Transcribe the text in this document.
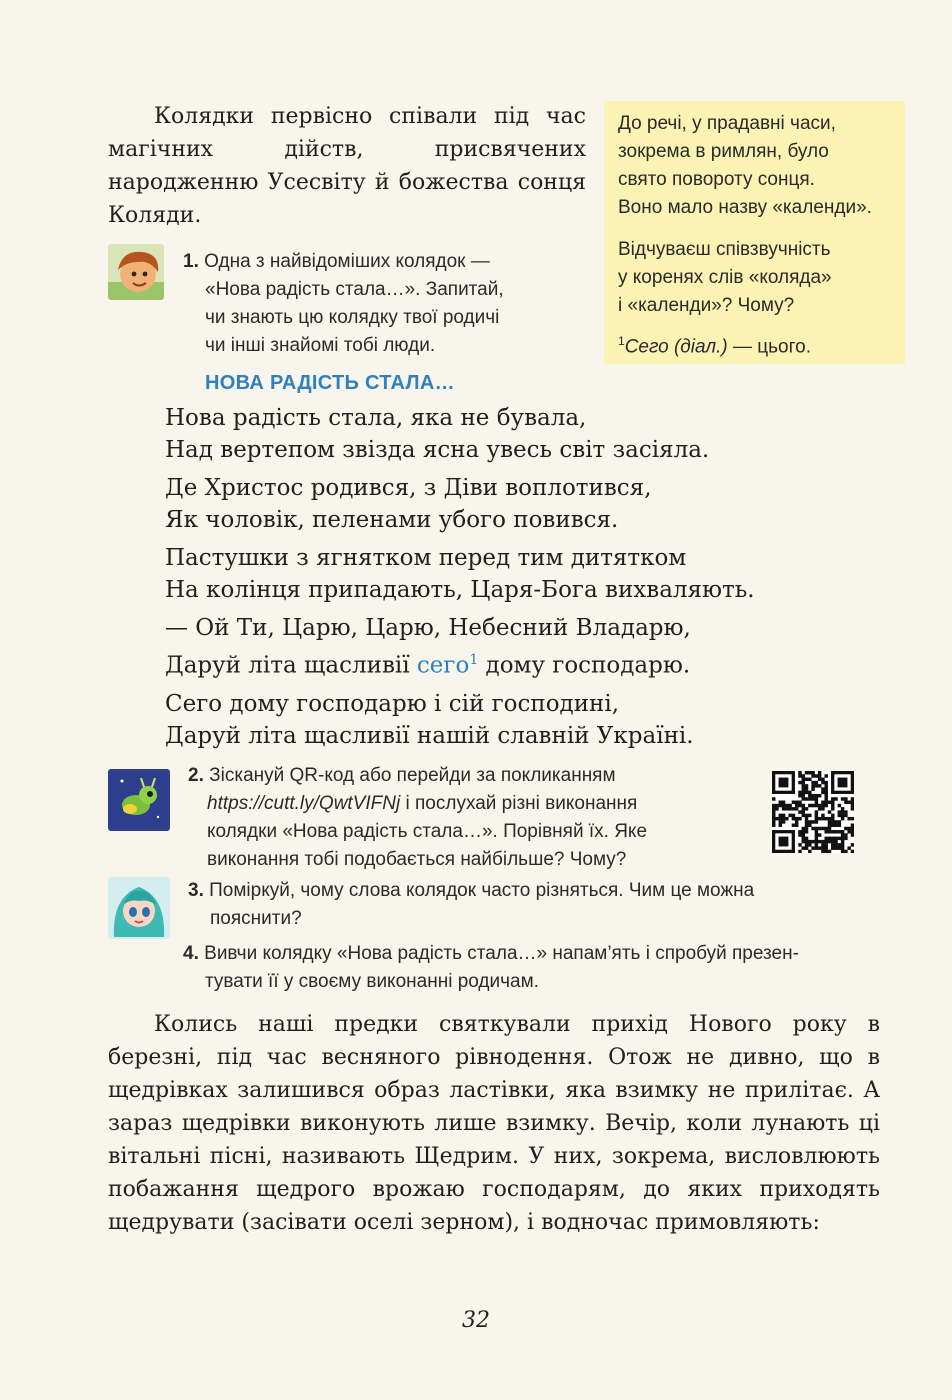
Колядки первісно співали під час магічних дійств, присвячених народженню Усесвіту й божества сонця Коляди.

До речі, у прадавні часи,
зокрема в римлян, було
свято повороту сонця.
Воно мало назву «календи».
Відчуваєш співзвучність
у коренях слів «коляда»
і «календи»? Чому?
$^1$Сего (діал.) — цього.
1. Одна з найвідоміших колядок —
«Нова радість стала…». Запитай,
чи знають цю колядку твої родичі
чи інші знайомі тобі люди.
НОВА РАДІСТЬ СТАЛА…
Нова радість стала, яка не бувала,
Над вертепом звізда ясна увесь світ засіяла.
Де Христос родився, з Діви воплотився,
Як чоловік, пеленами убого повився.
Пастушки з ягнятком перед тим дитятком
На колінця припадають, Царя-Бога вихваляють.
— Ой Ти, Царю, Царю, Небесний Владарю,
Даруй літа щасливії сего$^1$ дому господарю.
Сего дому господарю і сій господині,
Даруй літа щасливії нашій славній Україні.
2. Зіскануй QR-код або перейди за покликанням
https://cutt.ly/QwtVIFNj і послухай різні виконання
колядки «Нова радість стала…». Порівняй їх. Яке
виконання тобі подобається найбільше? Чому?
3. Поміркуй, чому слова колядок часто різняться. Чим це можна
пояснити?
4. Вивчи колядку «Нова радість стала…» напам’ять і спробуй презен-
тувати її у своєму виконанні родичам.

Колись наші предки святкували прихід Нового року в березні, під час весняного рівнодення. Отож не дивно, що в щедрівках залишився образ ластівки, яка взимку не прилітає. А зараз щедрівки виконують лише взимку. Вечір, коли лунають ці вітальні пісні, називають Щедрим. У них, зокрема, висловлюють побажання щедрого врожаю господарям, до яких приходять щедрувати (засівати оселі зерном), і водночас примовляють:

32
